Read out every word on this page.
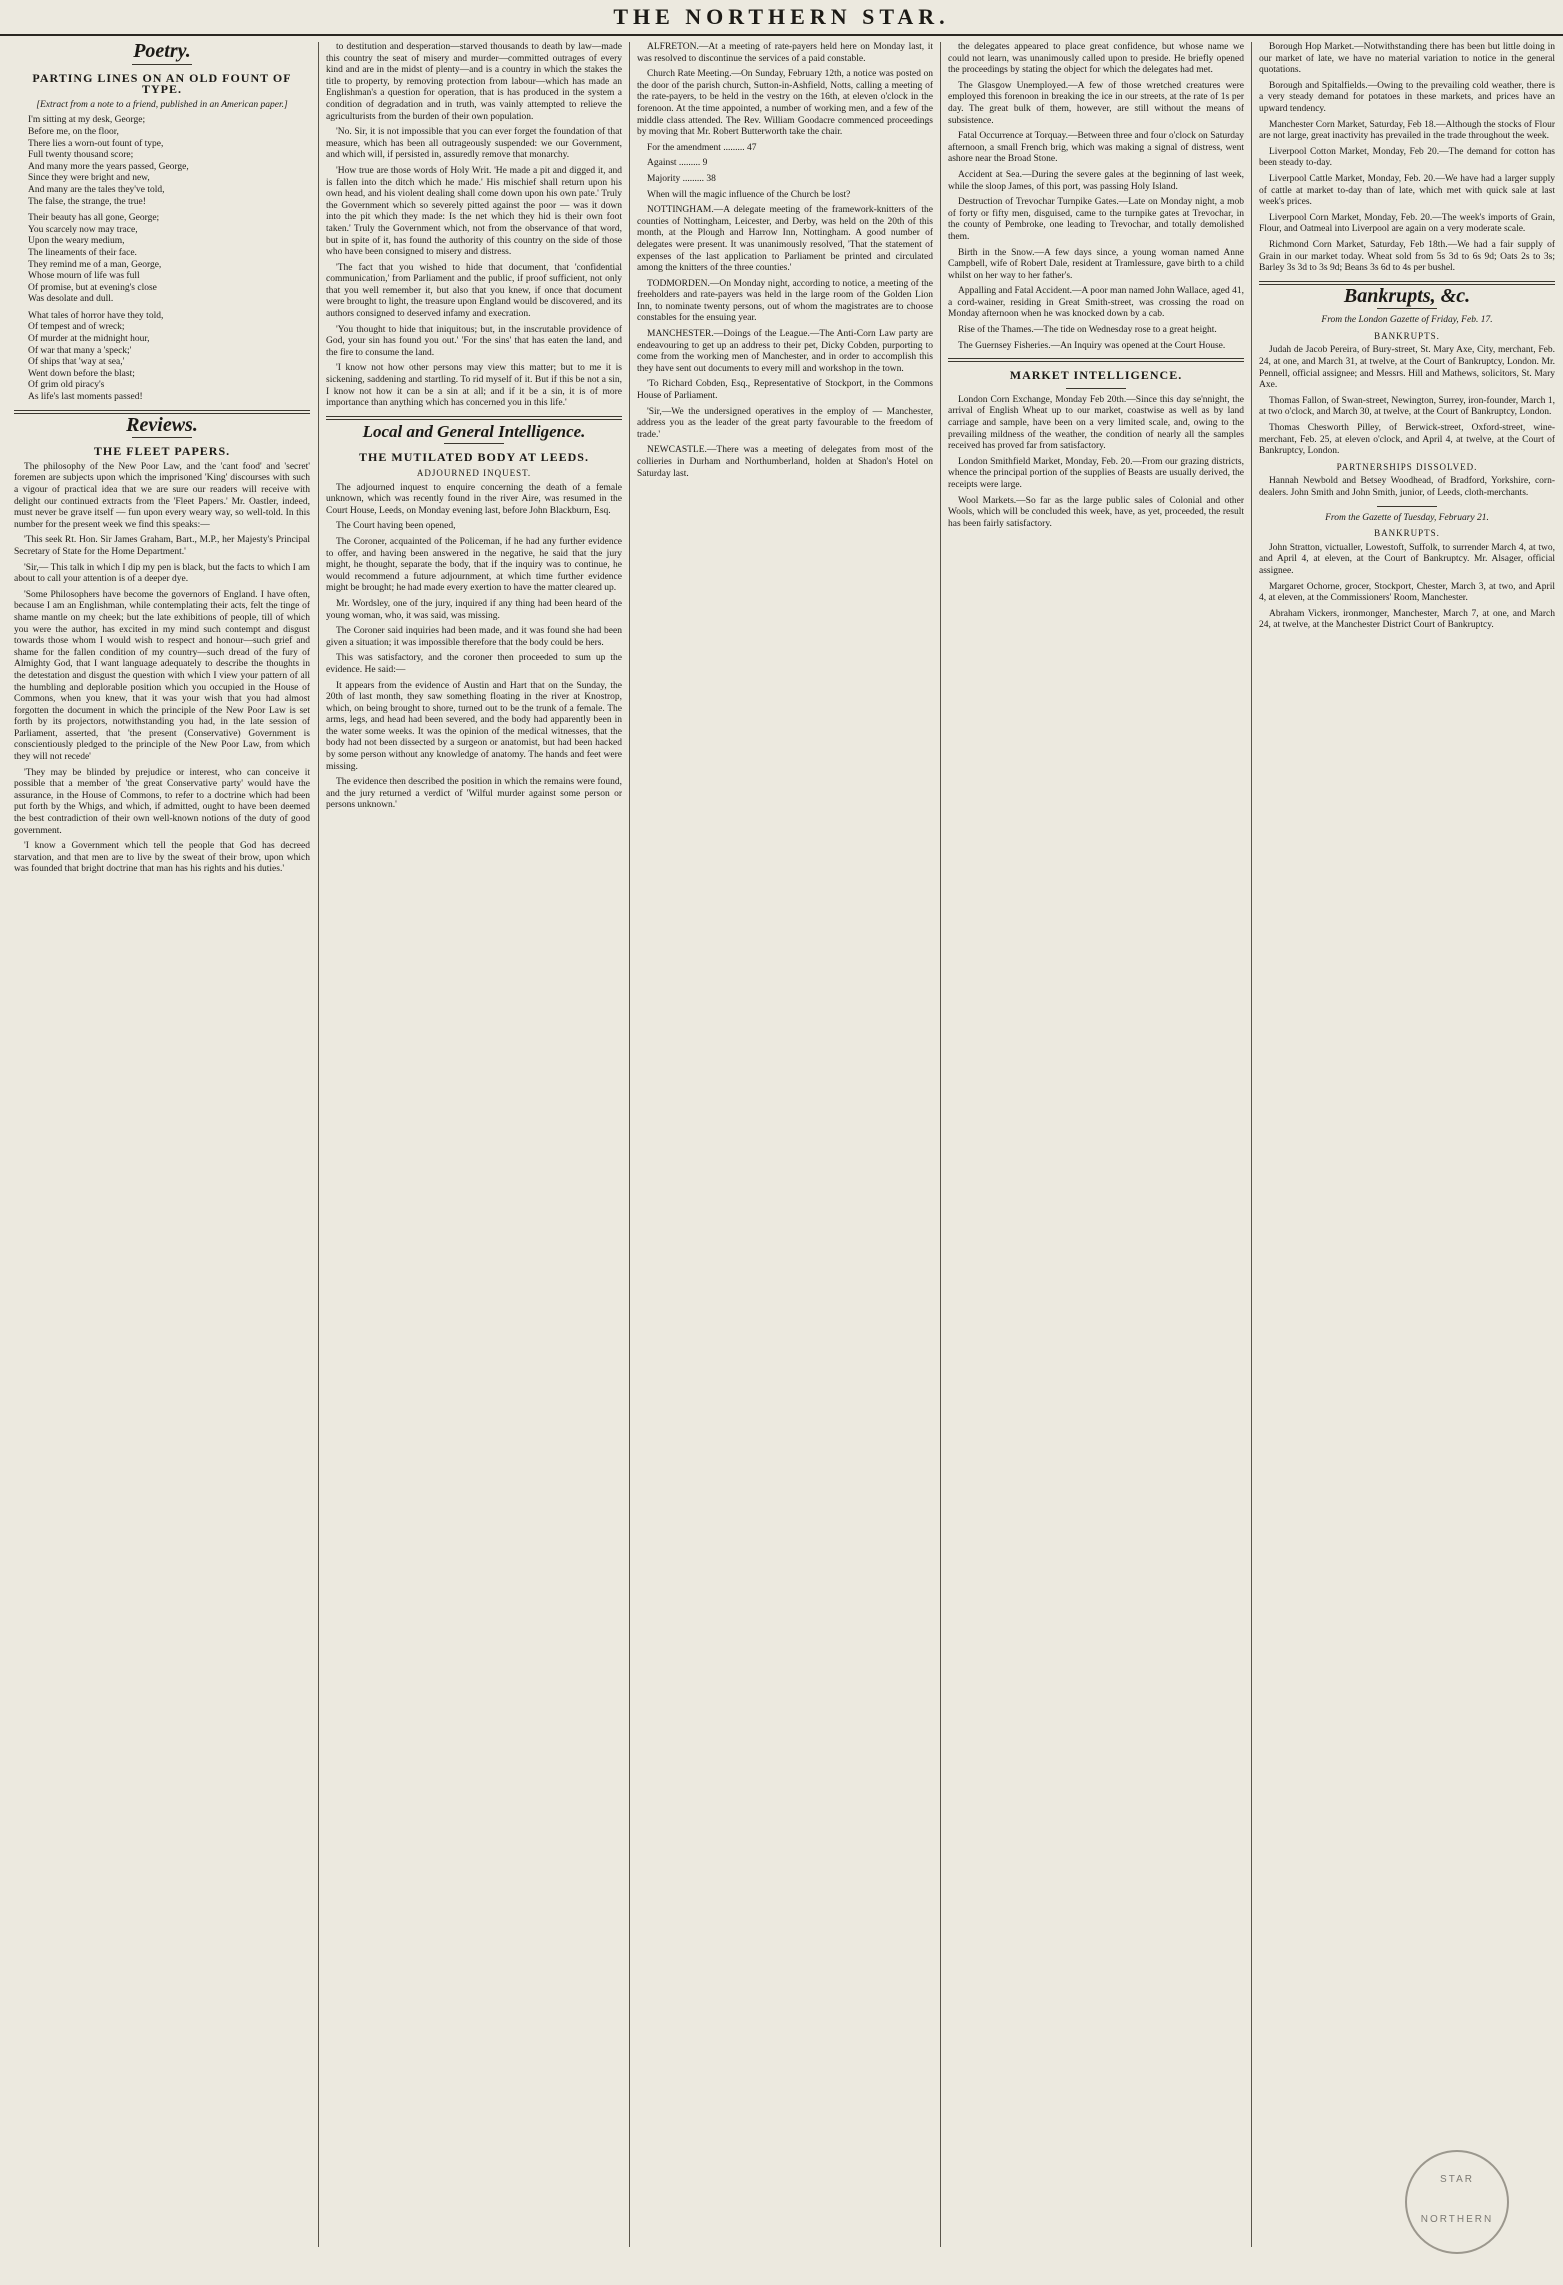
THE NORTHERN STAR.
Poetry.
PARTING LINES ON AN OLD FOUNT OF TYPE.
[Extract from a note to a friend, published in an American paper.]

I'm sitting at my desk, George;

Before me, on the floor,

There lies a worn-out fount of type,

Full twenty thousand score;

And many more the years passed, George,

Since they were bright and new,

And many are the tales they've told,

The false, the strange, the true!

Their beauty has all gone, George;

You scarcely now may trace,

Upon the weary medium,

The lineaments of their face.

They remind me of a man, George,

Whose mourn of life was full

Of promise, but at evening's close

Was desolate and dull.

What tales of horror have they told,

Of tempest and of wreck;

Of murder at the midnight hour,

Of war that many a 'speck;'

Of ships that 'way at sea,'

Went down before the blast;

Of grim old piracy's

As life's last moments passed!

Reviews.
THE FLEET PAPERS.

The philosophy of the New Poor Law, and the 'cant food' and 'secret' foremen are subjects upon which the imprisoned 'King' discourses with such a vigour of practical idea that we are sure our readers will receive with delight our continued extracts from the 'Fleet Papers.' Mr. Oastler, indeed, must never be grave itself — fun upon every weary way, so well-told. In this number for the present week we find this speaks:—

'This seek Rt. Hon. Sir James Graham, Bart., M.P., her Majesty's Principal Secretary of State for the Home Department.'

'Sir,— This talk in which I dip my pen is black, but the facts to which I am about to call your attention is of a deeper dye.

'Some Philosophers have become the governors of England. I have often, because I am an Englishman, while contemplating their acts, felt the tinge of shame mantle on my cheek; but the late exhibitions of people, till of which you were the author, has excited in my mind such contempt and disgust towards those whom I would wish to respect and honour—such grief and shame for the fallen condition of my country—such dread of the fury of Almighty God, that I want language adequately to describe the thoughts in the detestation and disgust the question with which I view your pattern of all the humbling and deplorable position which you occupied in the House of Commons, when you knew, that it was your wish that you had almost forgotten the document in which the principle of the New Poor Law is set forth by its projectors, notwithstanding you had, in the late session of Parliament, asserted, that 'the present (Conservative) Government is conscientiously pledged to the principle of the New Poor Law, from which they will not recede'

'They may be blinded by prejudice or interest, who can conceive it possible that a member of 'the great Conservative party' would have the assurance, in the House of Commons, to refer to a doctrine which had been put forth by the Whigs, and which, if admitted, ought to have been deemed the best contradiction of their own well-known notions of the duty of good government.

'I know a Government which tell the people that God has decreed starvation, and that men are to live by the sweat of their brow, upon which was founded that bright doctrine that man has his rights and his duties.'

to destitution and desperation—starved thousands to death by law—made this country the seat of misery and murder—committed outrages of every kind and are in the midst of plenty—and is a country in which the stakes the title to property, by removing protection from labour—which has made an Englishman's a question for operation, that is has produced in the system a condition of degradation and in truth, was vainly attempted to relieve the agriculturists from the burden of their own population.

'No. Sir, it is not impossible that you can ever forget the foundation of that measure, which has been all outrageously suspended: we our Government, and which will, if persisted in, assuredly remove that monarchy.

'How true are those words of Holy Writ. 'He made a pit and digged it, and is fallen into the ditch which he made.' His mischief shall return upon his own head, and his violent dealing shall come down upon his own pate.' Truly the Government which so severely pitted against the poor — was it down into the pit which they made: Is the net which they hid is their own foot taken.' Truly the Government which, not from the observance of that word, but in spite of it, has found the authority of this country on the side of those who have been consigned to misery and distress.

'The fact that you wished to hide that document, that 'confidential communication,' from Parliament and the public, if proof sufficient, not only that you well remember it, but also that you knew, if once that document were brought to light, the treasure upon England would be discovered, and its authors consigned to deserved infamy and execration.

'You thought to hide that iniquitous; but, in the inscrutable providence of God, your sin has found you out.' 'For the sins' that has eaten the land, and the fire to consume the land.

'I know not how other persons may view this matter; but to me it is sickening, saddening and startling. To rid myself of it. But if this be not a sin, I know not how it can be a sin at all; and if it be a sin, it is of more importance than anything which has concerned you in this life.'

Local and General Intelligence.
THE MUTILATED BODY AT LEEDS.
ADJOURNED INQUEST.

The adjourned inquest to enquire concerning the death of a female unknown, which was recently found in the river Aire, was resumed in the Court House, Leeds, on Monday evening last, before John Blackburn, Esq.

The Court having been opened,

The Coroner, acquainted of the Policeman, if he had any further evidence to offer, and having been answered in the negative, he said that the jury might, he thought, separate the body, that if the inquiry was to continue, he would recommend a future adjournment, at which time further evidence might be brought; he had made every exertion to have the matter cleared up.

Mr. Wordsley, one of the jury, inquired if any thing had been heard of the young woman, who, it was said, was missing.

The Coroner said inquiries had been made, and it was found she had been given a situation; it was impossible therefore that the body could be hers.

This was satisfactory, and the coroner then proceeded to sum up the evidence. He said:—

It appears from the evidence of Austin and Hart that on the Sunday, the 20th of last month, they saw something floating in the river at Knostrop, which, on being brought to shore, turned out to be the trunk of a female. The arms, legs, and head had been severed, and the body had apparently been in the water some weeks. It was the opinion of the medical witnesses, that the body had not been dissected by a surgeon or anatomist, but had been hacked by some person without any knowledge of anatomy. The hands and feet were missing.

The evidence then described the position in which the remains were found, and the jury returned a verdict of 'Wilful murder against some person or persons unknown.'

ALFRETON.—At a meeting of rate-payers held here on Monday last, it was resolved to discontinue the services of a paid constable.

Church Rate Meeting.—On Sunday, February 12th, a notice was posted on the door of the parish church, Sutton-in-Ashfield, Notts, calling a meeting of the rate-payers, to be held in the vestry on the 16th, at eleven o'clock in the forenoon. At the time appointed, a number of working men, and a few of the middle class attended. The Rev. William Goodacre commenced proceedings by moving that Mr. Robert Butterworth take the chair.

For the amendment ......... 47

Against ......... 9

Majority ......... 38

When will the magic influence of the Church be lost?

NOTTINGHAM.—A delegate meeting of the framework-knitters of the counties of Nottingham, Leicester, and Derby, was held on the 20th of this month, at the Plough and Harrow Inn, Nottingham. A good number of delegates were present. It was unanimously resolved, 'That the statement of expenses of the last application to Parliament be printed and circulated among the knitters of the three counties.'

TODMORDEN.—On Monday night, according to notice, a meeting of the freeholders and rate-payers was held in the large room of the Golden Lion Inn, to nominate twenty persons, out of whom the magistrates are to choose constables for the ensuing year.

MANCHESTER.—Doings of the League.—The Anti-Corn Law party are endeavouring to get up an address to their pet, Dicky Cobden, purporting to come from the working men of Manchester, and in order to accomplish this they have sent out documents to every mill and workshop in the town.

'To Richard Cobden, Esq., Representative of Stockport, in the Commons House of Parliament.

'Sir,—We the undersigned operatives in the employ of — Manchester, address you as the leader of the great party favourable to the freedom of trade.'

NEWCASTLE.—There was a meeting of delegates from most of the collieries in Durham and Northumberland, holden at Shadon's Hotel on Saturday last.

the delegates appeared to place great confidence, but whose name we could not learn, was unanimously called upon to preside. He briefly opened the proceedings by stating the object for which the delegates had met.

The Glasgow Unemployed.—A few of those wretched creatures were employed this forenoon in breaking the ice in our streets, at the rate of 1s per day. The great bulk of them, however, are still without the means of subsistence.

Fatal Occurrence at Torquay.—Between three and four o'clock on Saturday afternoon, a small French brig, which was making a signal of distress, went ashore near the Broad Stone.

Accident at Sea.—During the severe gales at the beginning of last week, while the sloop James, of this port, was passing Holy Island.

Destruction of Trevochar Turnpike Gates.—Late on Monday night, a mob of forty or fifty men, disguised, came to the turnpike gates at Trevochar, in the county of Pembroke, one leading to Trevochar, and totally demolished them.

Birth in the Snow.—A few days since, a young woman named Anne Campbell, wife of Robert Dale, resident at Tramlessure, gave birth to a child whilst on her way to her father's.

Appalling and Fatal Accident.—A poor man named John Wallace, aged 41, a cord-wainer, residing in Great Smith-street, was crossing the road on Monday afternoon when he was knocked down by a cab.

Rise of the Thames.—The tide on Wednesday rose to a great height.

The Guernsey Fisheries.—An Inquiry was opened at the Court House.

MARKET INTELLIGENCE.

London Corn Exchange, Monday Feb 20th.—Since this day se'nnight, the arrival of English Wheat up to our market, coastwise as well as by land carriage and sample, have been on a very limited scale, and, owing to the prevailing mildness of the weather, the condition of nearly all the samples received has proved far from satisfactory.

London Smithfield Market, Monday, Feb. 20.—From our grazing districts, whence the principal portion of the supplies of Beasts are usually derived, the receipts were large.

Wool Markets.—So far as the large public sales of Colonial and other Wools, which will be concluded this week, have, as yet, proceeded, the result has been fairly satisfactory.

Borough Hop Market.—Notwithstanding there has been but little doing in our market of late, we have no material variation to notice in the general quotations.

Borough and Spitalfields.—Owing to the prevailing cold weather, there is a very steady demand for potatoes in these markets, and prices have an upward tendency.

Manchester Corn Market, Saturday, Feb 18.—Although the stocks of Flour are not large, great inactivity has prevailed in the trade throughout the week.

Liverpool Cotton Market, Monday, Feb 20.—The demand for cotton has been steady to-day.

Liverpool Cattle Market, Monday, Feb. 20.—We have had a larger supply of cattle at market to-day than of late, which met with quick sale at last week's prices.

Liverpool Corn Market, Monday, Feb. 20.—The week's imports of Grain, Flour, and Oatmeal into Liverpool are again on a very moderate scale.

Richmond Corn Market, Saturday, Feb 18th.—We had a fair supply of Grain in our market today. Wheat sold from 5s 3d to 6s 9d; Oats 2s to 3s; Barley 3s 3d to 3s 9d; Beans 3s 6d to 4s per bushel.

Bankrupts, &c.
From the London Gazette of Friday, Feb. 17.
BANKRUPTS.

Judah de Jacob Pereira, of Bury-street, St. Mary Axe, City, merchant, Feb. 24, at one, and March 31, at twelve, at the Court of Bankruptcy, London. Mr. Pennell, official assignee; and Messrs. Hill and Mathews, solicitors, St. Mary Axe.

Thomas Fallon, of Swan-street, Newington, Surrey, iron-founder, March 1, at two o'clock, and March 30, at twelve, at the Court of Bankruptcy, London.

Thomas Chesworth Pilley, of Berwick-street, Oxford-street, wine-merchant, Feb. 25, at eleven o'clock, and April 4, at twelve, at the Court of Bankruptcy, London.

PARTNERSHIPS DISSOLVED.

Hannah Newbold and Betsey Woodhead, of Bradford, Yorkshire, corn-dealers. John Smith and John Smith, junior, of Leeds, cloth-merchants.

From the Gazette of Tuesday, February 21.
BANKRUPTS.

John Stratton, victualler, Lowestoft, Suffolk, to surrender March 4, at two, and April 4, at eleven, at the Court of Bankruptcy. Mr. Alsager, official assignee.

Margaret Ochorne, grocer, Stockport, Chester, March 3, at two, and April 4, at eleven, at the Commissioners' Room, Manchester.

Abraham Vickers, ironmonger, Manchester, March 7, at one, and March 24, at twelve, at the Manchester District Court of Bankruptcy.

STAR
NORTHERN
